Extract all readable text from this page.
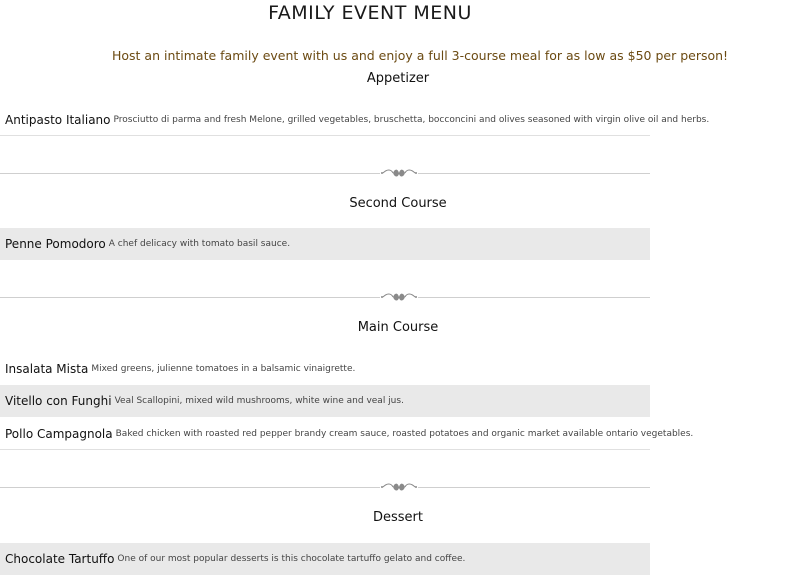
FAMILY EVENT MENU
Host an intimate family event with us and enjoy a full 3-course meal for as low as $50 per person!
Appetizer
Antipasto Italiano Prosciutto di parma and fresh Melone, grilled vegetables, bruschetta, bocconcini and olives seasoned with virgin olive oil and herbs.
Second Course
Penne Pomodoro A chef delicacy with tomato basil sauce.
Main Course
Insalata Mista Mixed greens, julienne tomatoes in a balsamic vinaigrette.
Vitello con Funghi Veal Scallopini, mixed wild mushrooms, white wine and veal jus.
Pollo Campagnola Baked chicken with roasted red pepper brandy cream sauce, roasted potatoes and organic market available ontario vegetables.
Dessert
Chocolate Tartuffo One of our most popular desserts is this chocolate tartuffo gelato and coffee.
